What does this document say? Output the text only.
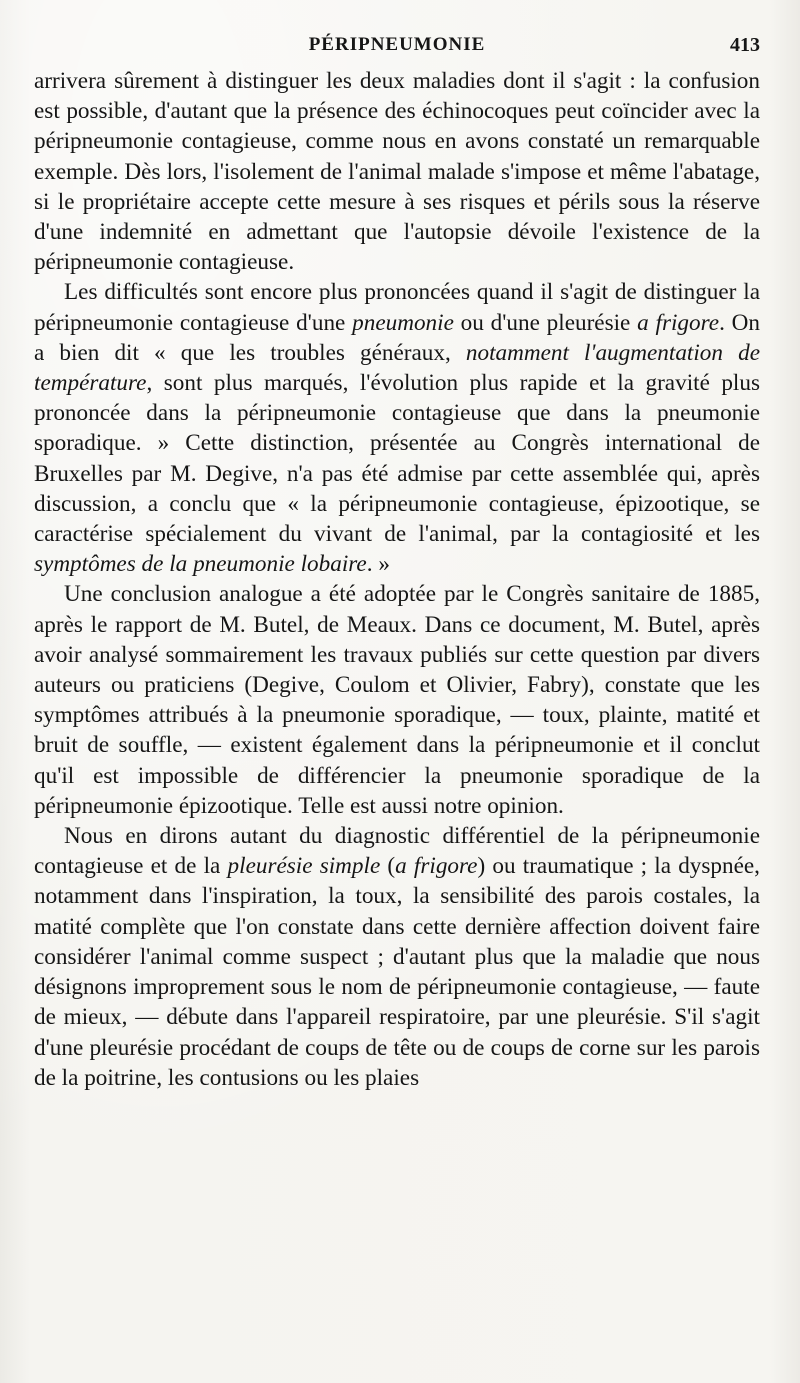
PÉRIPNEUMONIE	413

arrivera sûrement à distinguer les deux maladies dont il s'agit : la confusion est possible, d'autant que la présence des échinocoques peut coïncider avec la péripneumonie contagieuse, comme nous en avons constaté un remarquable exemple. Dès lors, l'isolement de l'animal malade s'impose et même l'abatage, si le propriétaire accepte cette mesure à ses risques et périls sous la réserve d'une indemnité en admettant que l'autopsie dévoile l'existence de la péripneumonie contagieuse.

Les difficultés sont encore plus prononcées quand il s'agit de distinguer la péripneumonie contagieuse d'une pneumonie ou d'une pleurésie a frigore. On a bien dit « que les troubles généraux, notamment l'augmentation de température, sont plus marqués, l'évolution plus rapide et la gravité plus prononcée dans la péripneumonie contagieuse que dans la pneumonie sporadique. » Cette distinction, présentée au Congrès international de Bruxelles par M. Degive, n'a pas été admise par cette assemblée qui, après discussion, a conclu que « la péripneumonie contagieuse, épizootique, se caractérise spécialement du vivant de l'animal, par la contagiosité et les symptômes de la pneumonie lobaire. »

Une conclusion analogue a été adoptée par le Congrès sanitaire de 1885, après le rapport de M. Butel, de Meaux. Dans ce document, M. Butel, après avoir analysé sommairement les travaux publiés sur cette question par divers auteurs ou praticiens (Degive, Coulom et Olivier, Fabry), constate que les symptômes attribués à la pneumonie sporadique, — toux, plainte, matité et bruit de souffle, — existent également dans la péripneumonie et il conclut qu'il est impossible de différencier la pneumonie sporadique de la péripneumonie épizootique. Telle est aussi notre opinion.

Nous en dirons autant du diagnostic différentiel de la péripneumonie contagieuse et de la pleurésie simple (a frigore) ou traumatique ; la dyspnée, notamment dans l'inspiration, la toux, la sensibilité des parois costales, la matité complète que l'on constate dans cette dernière affection doivent faire considérer l'animal comme suspect ; d'autant plus que la maladie que nous désignons improprement sous le nom de péripneumonie contagieuse, — faute de mieux, — débute dans l'appareil respiratoire, par une pleurésie. S'il s'agit d'une pleurésie procédant de coups de tête ou de coups de corne sur les parois de la poitrine, les contusions ou les plaies
